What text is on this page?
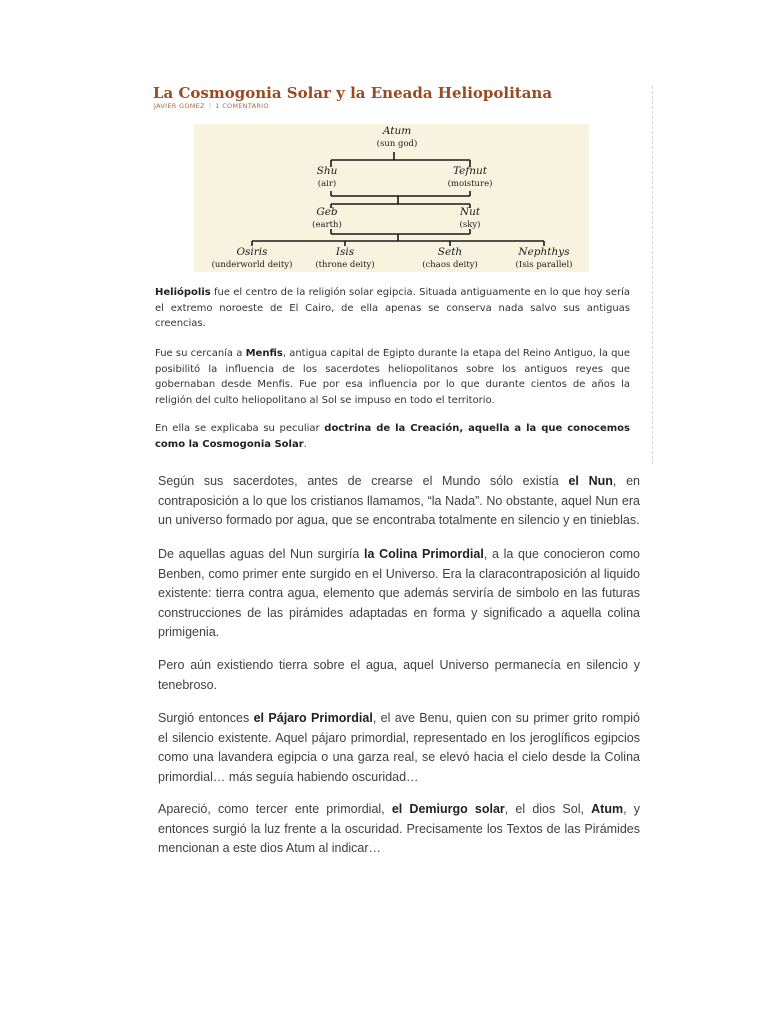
La Cosmogonia Solar y la Eneada Heliopolitana
JAVIER GOMEZ | 1 COMENTARIO
Atum
(sun god)
Shu
(air)
Tefnut
(moisture)
Geb
(earth)
Nut
(sky)
Osiris
(underworld deity)
Isis
(throne deity)
Seth
(chaos deity)
Nephthys
(Isis parallel)

Heliópolis fue el centro de la religión solar egipcia. Situada antiguamente en lo que hoy sería el extremo noroeste de El Cairo, de ella apenas se conserva nada salvo sus antiguas creencias.

Fue su cercanía a Menfis, antigua capital de Egipto durante la etapa del Reino Antiguo, la que posibilitó la influencia de los sacerdotes heliopolitanos sobre los antiguos reyes que gobernaban desde Menfis. Fue por esa influencia por lo que durante cientos de años la religión del culto heliopolitano al Sol se impuso en todo el territorio.

En ella se explicaba su peculiar doctrina de la Creación, aquella a la que conocemos como la Cosmogonia Solar.

Según sus sacerdotes, antes de crearse el Mundo sólo existía el Nun, en contraposición a lo que los cristianos llamamos, “la Nada”. No obstante, aquel Nun era un universo formado por agua, que se encontraba totalmente en silencio y en tinieblas.

De aquellas aguas del Nun surgiría la Colina Primordial, a la que conocieron como Benben, como primer ente surgido en el Universo. Era la claracontraposición al liquido existente: tierra contra agua, elemento que además serviría de simbolo en las futuras construcciones de las pirámides adaptadas en forma y significado a aquella colina primigenia.

Pero aún existiendo tierra sobre el agua, aquel Universo permanecía en silencio y tenebroso.

Surgió entonces el Pájaro Primordial, el ave Benu, quien con su primer grito rompió el silencio existente. Aquel pájaro primordial, representado en los jeroglíficos egipcios como una lavandera egipcia o una garza real, se elevó hacia el cielo desde la Colina primordial… más seguía habiendo oscuridad…

Apareció, como tercer ente primordial, el Demiurgo solar, el dios Sol, Atum, y entonces surgió la luz frente a la oscuridad. Precisamente los Textos de las Pirámides mencionan a este dios Atum al indicar…
